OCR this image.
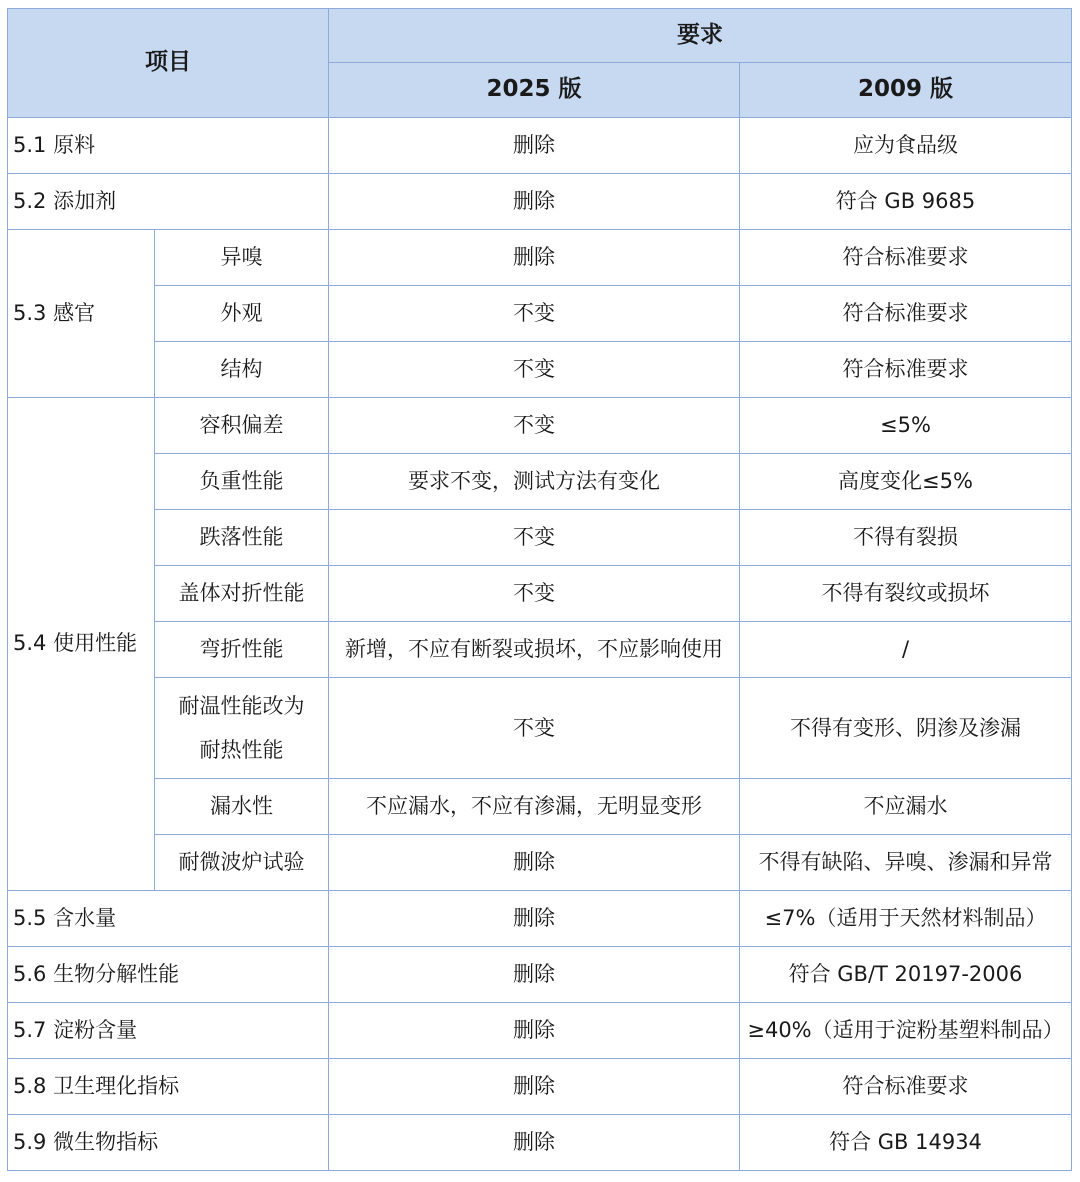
项目		要求	
		2025 版	2009 版
5.1 原料		删除	应为食品级
5.2 添加剂		删除	符合 GB 9685
5.3 感官	异嗅	删除	符合标准要求
	外观	不变	符合标准要求
	结构	不变	符合标准要求
5.4 使用性能	容积偏差	不变	≤5%
	负重性能	要求不变，测试方法有变化	高度变化≤5%
	跌落性能	不变	不得有裂损
	盖体对折性能	不变	不得有裂纹或损坏
	弯折性能	新增，不应有断裂或损坏，不应影响使用	/
	耐温性能改为耐热性能	不变	不得有变形、阴渗及渗漏
	漏水性	不应漏水，不应有渗漏，无明显变形	不应漏水
	耐微波炉试验	删除	不得有缺陷、异嗅、渗漏和异常
5.5 含水量		删除	≤7%（适用于天然材料制品）
5.6 生物分解性能		删除	符合 GB/T 20197-2006
5.7 淀粉含量		删除	≥40%（适用于淀粉基塑料制品）
5.8 卫生理化指标		删除	符合标准要求
5.9 微生物指标		删除	符合 GB 14934
